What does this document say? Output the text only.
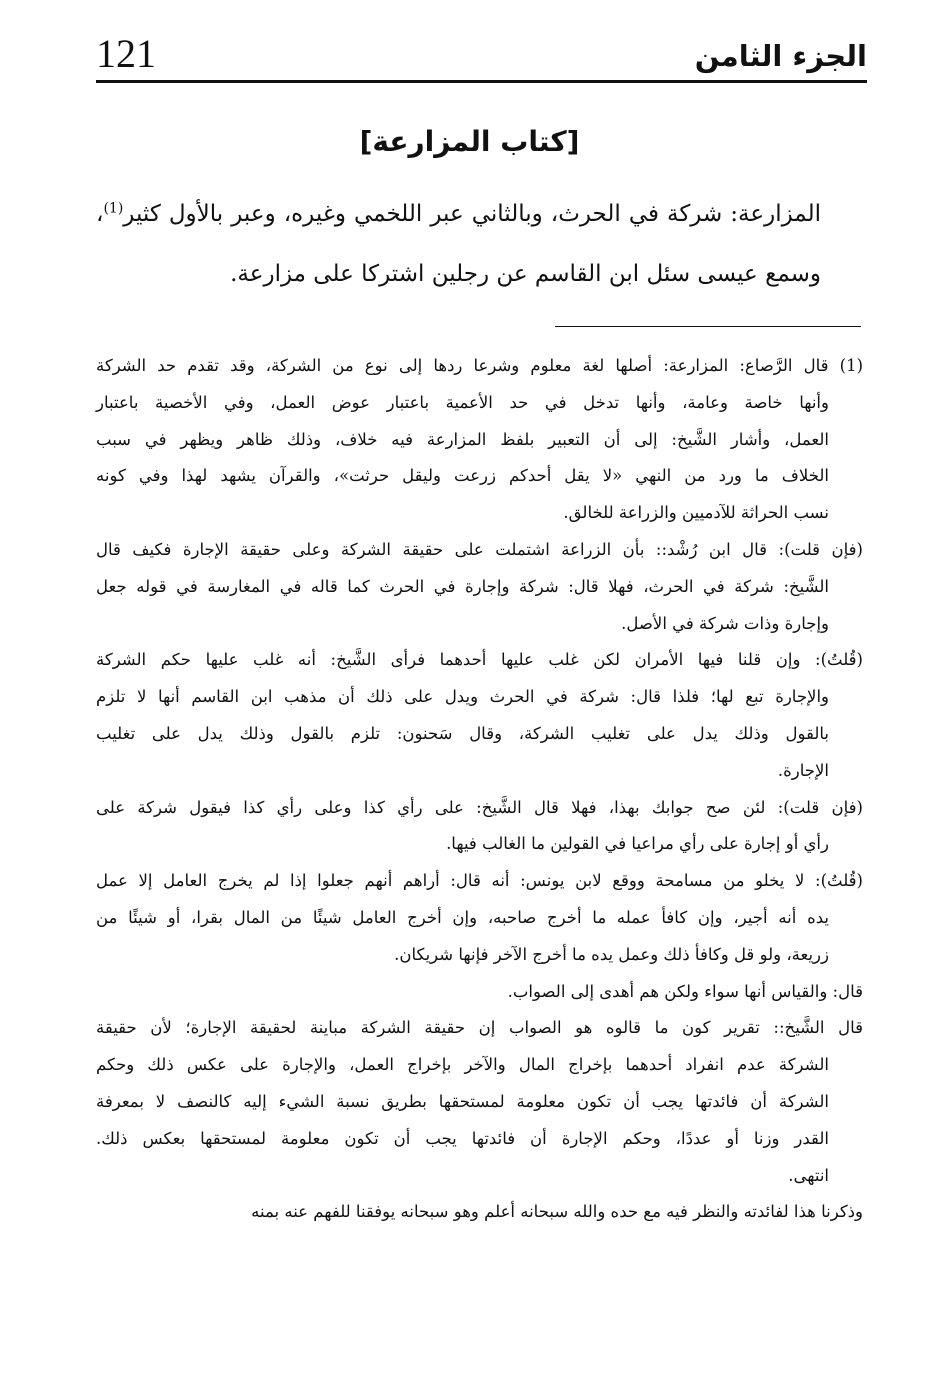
121	الجزء الثامن
[كتاب المزارعة]
المزارعة: شركة في الحرث، وبالثاني عبر اللخمي وغيره، وعبر بالأول كثير$^{(1)}$،
وسمع عيسى سئل ابن القاسم عن رجلين اشتركا على مزارعة.
(1) قال الرَّصاع: المزارعة: أصلها لغة معلوم وشرعا ردها إلى نوع من الشركة، وقد تقدم حد الشركة
وأنها خاصة وعامة، وأنها تدخل في حد الأعمية باعتبار عوض العمل، وفي الأخصية باعتبار
العمل، وأشار الشَّيخ: إلى أن التعبير بلفظ المزارعة فيه خلاف، وذلك ظاهر ويظهر في سبب
الخلاف ما ورد من النهي «لا يقل أحدكم زرعت وليقل حرثت»، والقرآن يشهد لهذا وفي كونه
نسب الحراثة للآدميين والزراعة للخالق.
(فإن قلت): قال ابن رُشْد:: بأن الزراعة اشتملت على حقيقة الشركة وعلى حقيقة الإجارة فكيف قال
الشَّيخ: شركة في الحرث، فهلا قال: شركة وإجارة في الحرث كما قاله في المغارسة في قوله جعل
وإجارة وذات شركة في الأصل.
(قُلتُ): وإن قلنا فيها الأمران لكن غلب عليها أحدهما فرأى الشَّيخ: أنه غلب عليها حكم الشركة
والإجارة تبع لها؛ فلذا قال: شركة في الحرث ويدل على ذلك أن مذهب ابن القاسم أنها لا تلزم
بالقول وذلك يدل على تغليب الشركة، وقال سَحنون: تلزم بالقول وذلك يدل على تغليب
الإجارة.
(فإن قلت): لئن صح جوابك بهذا، فهلا قال الشَّيخ: على رأي كذا وعلى رأي كذا فيقول شركة على
رأي أو إجارة على رأي مراعيا في القولين ما الغالب فيها.
(قُلتُ): لا يخلو من مسامحة ووقع لابن يونس: أنه قال: أراهم أنهم جعلوا إذا لم يخرج العامل إلا عمل
يده أنه أجير، وإن كافأ عمله ما أخرج صاحبه، وإن أخرج العامل شيئًا من المال بقرا، أو شيئًا من
زريعة، ولو قل وكافأ ذلك وعمل يده ما أخرج الآخر فإنها شريكان.
قال: والقياس أنها سواء ولكن هم أهدى إلى الصواب.
قال الشَّيخ:: تقرير كون ما قالوه هو الصواب إن حقيقة الشركة مباينة لحقيقة الإجارة؛ لأن حقيقة
الشركة عدم انفراد أحدهما بإخراج المال والآخر بإخراج العمل، والإجارة على عكس ذلك وحكم
الشركة أن فائدتها يجب أن تكون معلومة لمستحقها بطريق نسبة الشيء إليه كالنصف لا بمعرفة
القدر وزنا أو عددًا، وحكم الإجارة أن فائدتها يجب أن تكون معلومة لمستحقها بعكس ذلك.
انتهى.
وذكرنا هذا لفائدته والنظر فيه مع حده والله سبحانه أعلم وهو سبحانه يوفقنا للفهم عنه بمنه
